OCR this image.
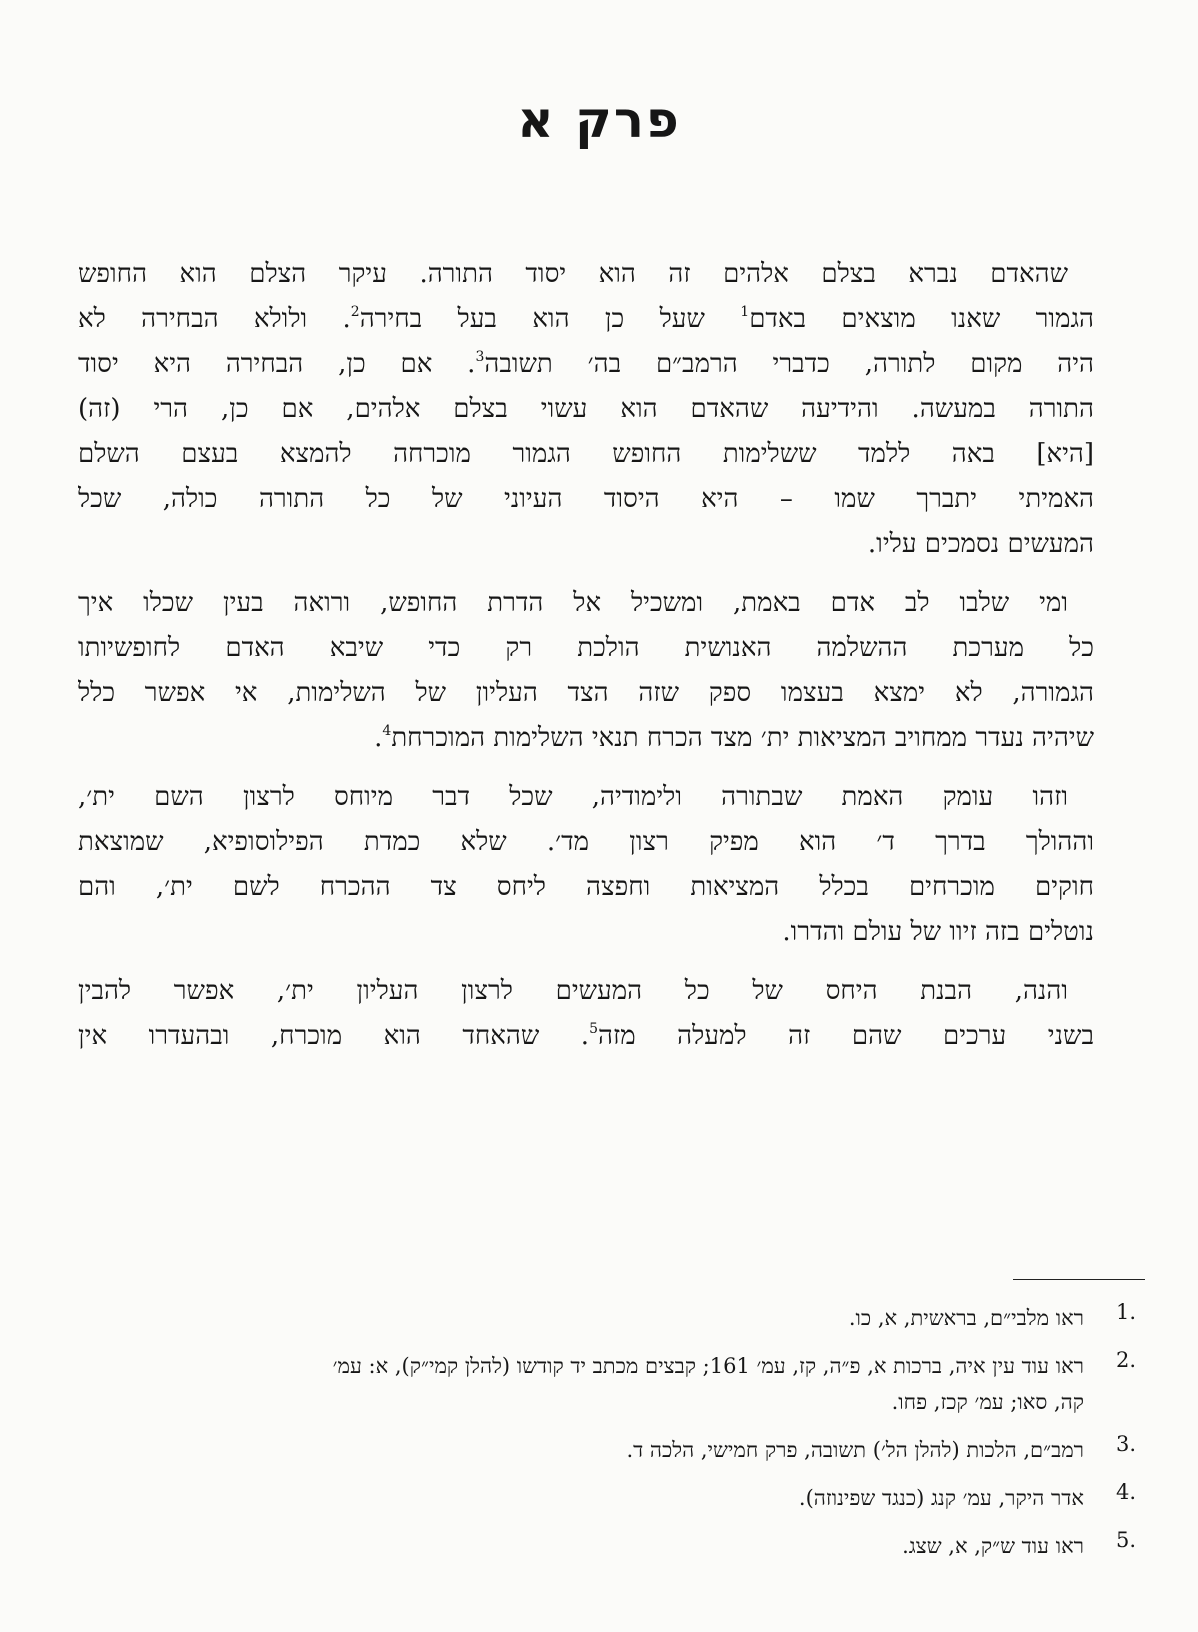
פרק א
שהאדם נברא בצלם אלהים זה הוא יסוד התורה. עיקר הצלם הוא החופש
הגמור שאנו מוצאים באדם$^1$ שעל כן הוא בעל בחירה$^2$. ולולא הבחירה לא
היה מקום לתורה, כדברי הרמב״ם בה׳ תשובה$^3$. אם כן, הבחירה היא יסוד
התורה במעשה. והידיעה שהאדם הוא עשוי בצלם אלהים, אם כן, הרי (זה)
[היא] באה ללמד ששלימות החופש הגמור מוכרחה להמצא בעצם השלם
האמיתי יתברך שמו – היא היסוד העיוני של כל התורה כולה, שכל
המעשים נסמכים עליו.
ומי שלבו לב אדם באמת, ומשכיל אל הדרת החופש, ורואה בעין שכלו איך
כל מערכת ההשלמה האנושית הולכת רק כדי שיבא האדם לחופשיותו
הגמורה, לא ימצא בעצמו ספק שזה הצד העליון של השלימות, אי אפשר כלל
שיהיה נעדר ממחויב המציאות ית׳ מצד הכרח תנאי השלימות המוכרחת$^4$.
וזהו עומק האמת שבתורה ולימודיה, שכל דבר מיוחס לרצון השם ית׳,
וההולך בדרך ד׳ הוא מפיק רצון מד׳. שלא כמדת הפילוסופיא, שמוצאת
חוקים מוכרחים בכלל המציאות וחפצה ליחס צד ההכרח לשם ית׳, והם
נוטלים בזה זיוו של עולם והדרו.
והנה, הבנת היחס של כל המעשים לרצון העליון ית׳, אפשר להבין
בשני ערכים שהם זה למעלה מזה$^5$. שהאחד הוא מוכרח, ובהעדרו אין
1.
ראו מלבי״ם, בראשית, א, כו.
2.
ראו עוד עין איה, ברכות א, פ״ה, קז, עמ׳ 161; קבצים מכתב יד קודשו (להלן קמי״ק), א: עמ׳
קה, סאו; עמ׳ קכז, פחו.
3.
רמב״ם, הלכות (להלן הל׳) תשובה, פרק חמישי, הלכה ד.
4.
אדר היקר, עמ׳ קנג (כנגד שפינוזה).
5.
ראו עוד ש״ק, א, שצג.
